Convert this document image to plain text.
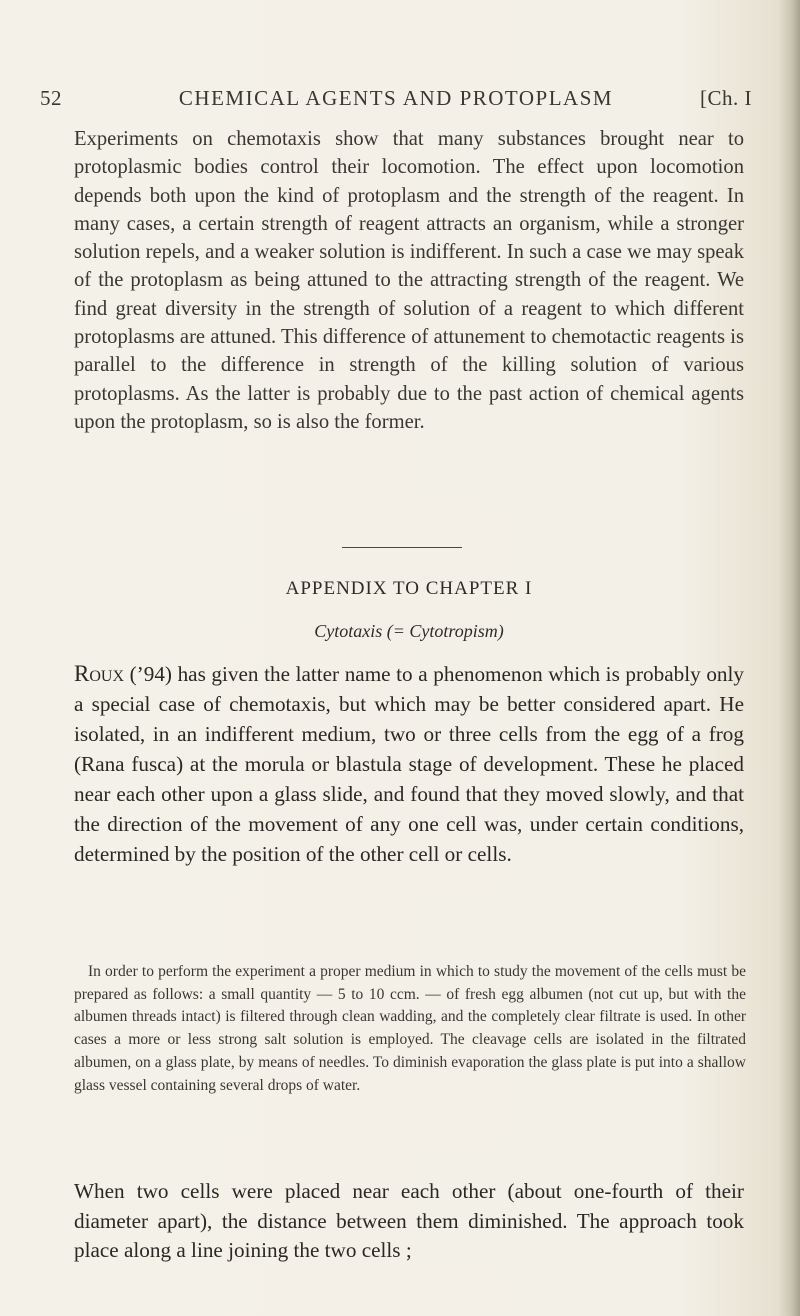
52	CHEMICAL AGENTS AND PROTOPLASM	[Ch. I
Experiments on chemotaxis show that many substances brought near to protoplasmic bodies control their locomotion. The effect upon locomotion depends both upon the kind of protoplasm and the strength of the reagent. In many cases, a certain strength of reagent attracts an organism, while a stronger solution repels, and a weaker solution is indifferent. In such a case we may speak of the protoplasm as being attuned to the attracting strength of the reagent. We find great diversity in the strength of solution of a reagent to which different protoplasms are attuned. This difference of attunement to chemotactic reagents is parallel to the difference in strength of the killing solution of various protoplasms. As the latter is probably due to the past action of chemical agents upon the protoplasm, so is also the former.
APPENDIX TO CHAPTER I
Cytotaxis (= Cytotropism)
Roux (’94) has given the latter name to a phenomenon which is probably only a special case of chemotaxis, but which may be better considered apart. He isolated, in an indifferent medium, two or three cells from the egg of a frog (Rana fusca) at the morula or blastula stage of development. These he placed near each other upon a glass slide, and found that they moved slowly, and that the direction of the movement of any one cell was, under certain conditions, determined by the position of the other cell or cells.
In order to perform the experiment a proper medium in which to study the movement of the cells must be prepared as follows: a small quantity — 5 to 10 ccm. — of fresh egg albumen (not cut up, but with the albumen threads intact) is filtered through clean wadding, and the completely clear filtrate is used. In other cases a more or less strong salt solution is employed. The cleavage cells are isolated in the filtrated albumen, on a glass plate, by means of needles. To diminish evaporation the glass plate is put into a shallow glass vessel containing several drops of water.
When two cells were placed near each other (about one-fourth of their diameter apart), the distance between them diminished. The approach took place along a line joining the two cells ;
